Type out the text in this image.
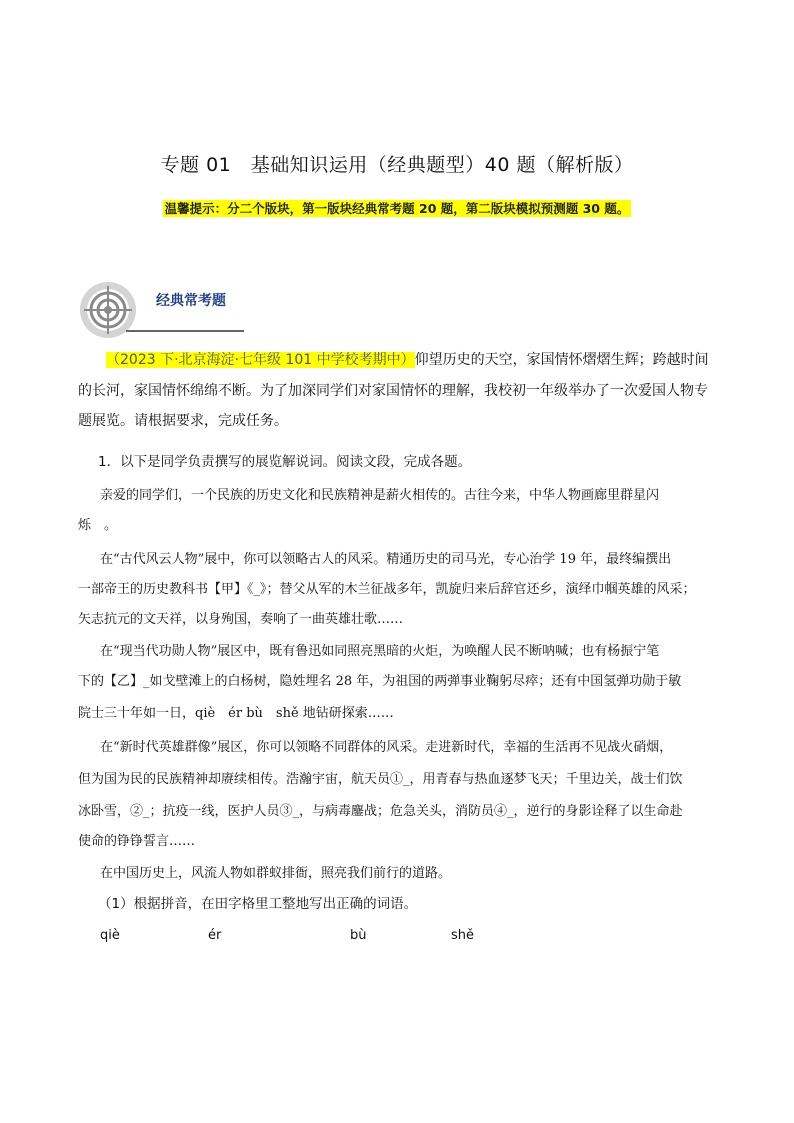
专题 01　基础知识运用（经典题型）40 题（解析版）
温馨提示：分二个版块，第一版块经典常考题 20 题，第二版块模拟预测题 30 题。
经典常考题
（2023 下·北京海淀·七年级 101 中学校考期中）仰望历史的天空，家国情怀熠熠生辉；跨越时间的长河，家国情怀绵绵不断。为了加深同学们对家国情怀的理解，我校初一年级举办了一次爱国人物专题展览。请根据要求，完成任务。
1．以下是同学负责撰写的展览解说词。阅读文段，完成各题。
亲爱的同学们，一个民族的历史文化和民族精神是薪火相传的。古往今来，中华人物画廊里群星闪
烁　。
在“古代风云人物”展中，你可以领略古人的风采。精通历史的司马光，专心治学 19 年，最终编撰出
一部帝王的历史教科书【甲】《_》；替父从军的木兰征战多年，凯旋归来后辞官还乡，演绎巾帼英雄的风采；
矢志抗元的文天祥，以身殉国，奏响了一曲英雄壮歌……
在“现当代功勋人物”展区中，既有鲁迅如同照亮黑暗的火炬，为唤醒人民不断呐喊；也有杨振宁笔
下的【乙】_如戈壁滩上的白杨树，隐姓埋名 28 年，为祖国的两弹事业鞠躬尽瘁；还有中国氢弹功勋于敏
院士三十年如一日，qiè　ér bù　shě 地钻研探索……
在“新时代英雄群像”展区，你可以领略不同群体的风采。走进新时代，幸福的生活再不见战火硝烟，
但为国为民的民族精神却赓续相传。浩瀚宇宙，航天员①_，用青春与热血逐梦飞天；千里边关，战士们饮
冰卧雪，②_；抗疫一线，医护人员③_，与病毒鏖战；危急关头，消防员④_，逆行的身影诠释了以生命赴
使命的铮铮誓言……
在中国历史上，风流人物如群蚁排衙，照亮我们前行的道路。
（1）根据拼音，在田字格里工整地写出正确的词语。
qiè	ér	bù	shě
